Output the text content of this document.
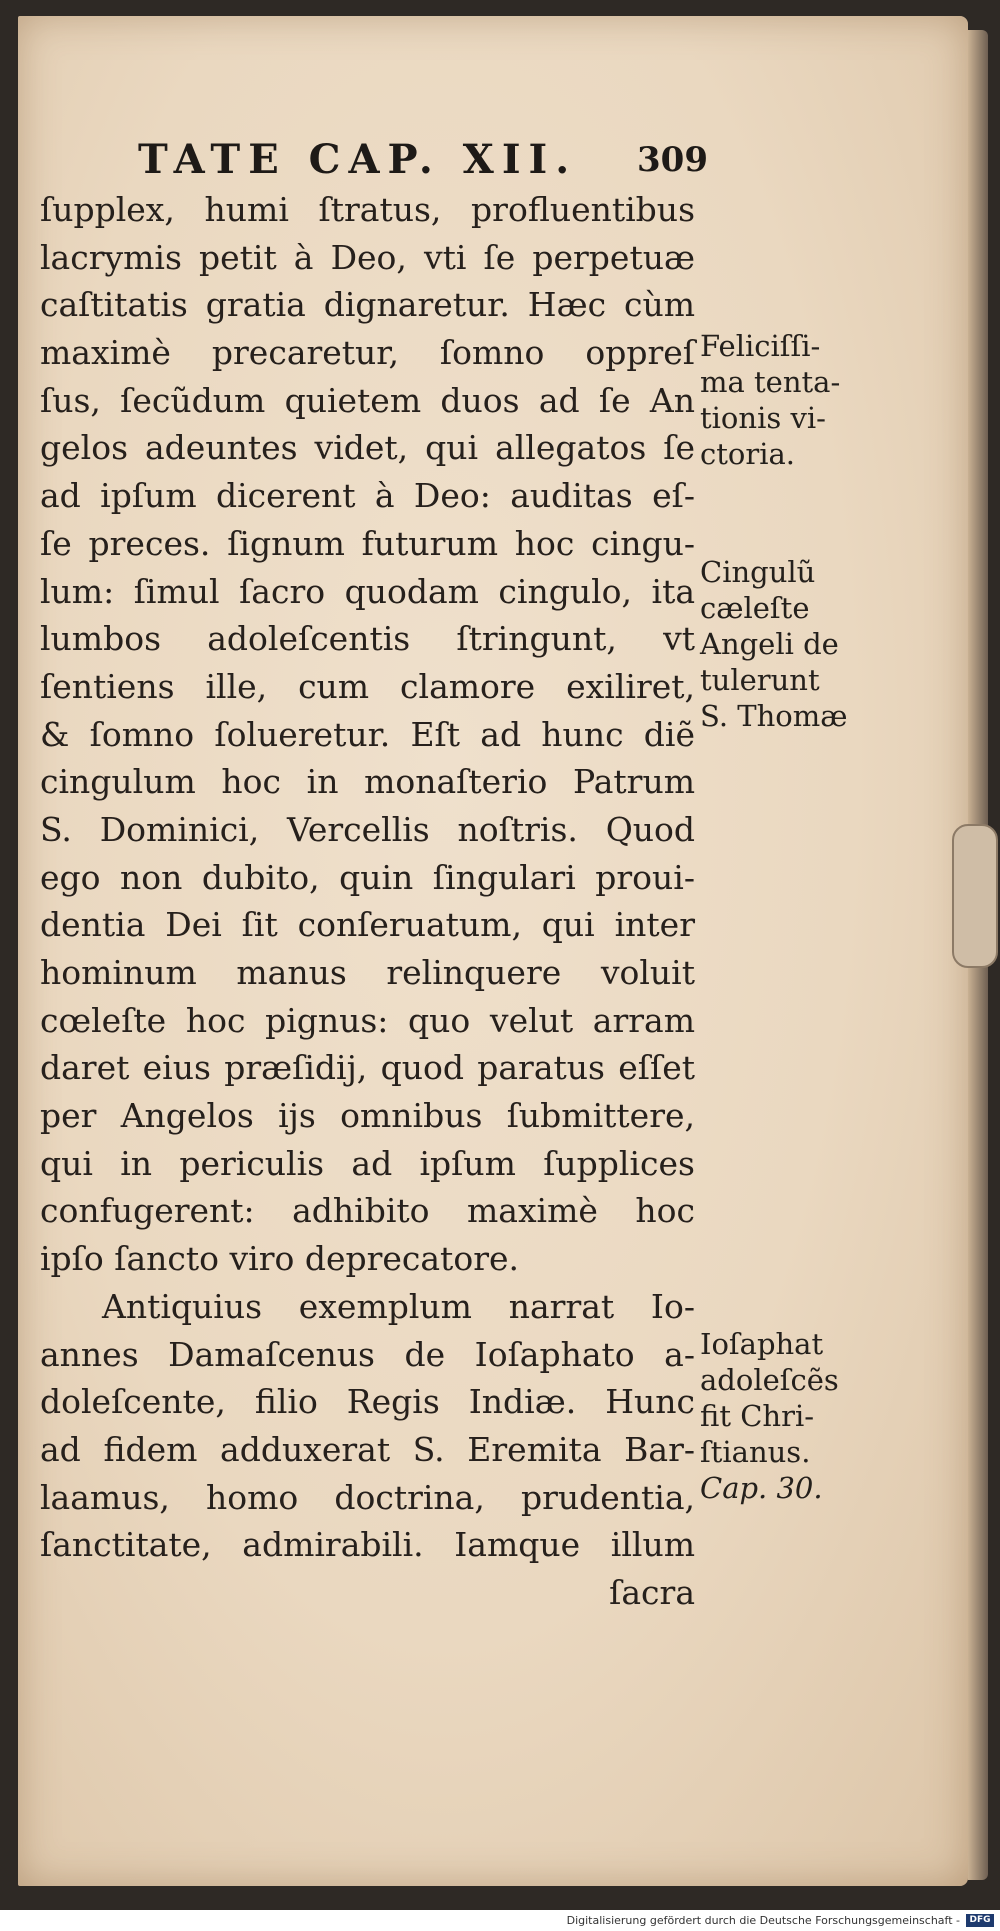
TATE CAP. XII. 309
ſupplex, humi ſtratus, profluentibus
lacrymis petit à Deo, vti ſe perpetuæ
caſtitatis gratia dignaretur. Hæc cùm
maximè precaretur, ſomno oppreſ
ſus, ſecũdum quietem duos ad ſe An
gelos adeuntes videt, qui allegatos ſe
ad ipſum dicerent à Deo: auditas eſ-
ſe preces. ſignum futurum hoc cingu-
lum: ſimul ſacro quodam cingulo, ita
lumbos adoleſcentis ſtringunt, vt
ſentiens ille, cum clamore exiliret,
& ſomno ſolueretur. Eſt ad hunc diẽ
cingulum hoc in monaſterio Patrum
S. Dominici, Vercellis noſtris. Quod
ego non dubito, quin ſingulari proui-
dentia Dei ſit conſeruatum, qui inter
hominum manus relinquere voluit
cœleſte hoc pignus: quo velut arram
daret eius præſidij, quod paratus eſſet
per Angelos ijs omnibus ſubmittere,
qui in periculis ad ipſum ſupplices
confugerent: adhibito maximè hoc
ipſo ſancto viro deprecatore.
Antiquius exemplum narrat Io-
annes Damaſcenus de Ioſaphato a-
doleſcente, filio Regis Indiæ. Hunc
ad fidem adduxerat S. Eremita Bar-
laamus, homo doctrina, prudentia,
ſanctitate, admirabili. Iamque illum
ſacra
Feliciſſi-
ma tenta-
tionis vi-
ctoria.
Cingulũ
cæleſte
Angeli de
tulerunt
S. Thomæ
Ioſaphat
adoleſcẽs
fit Chri-
ſtianus.
Cap. 30.
Digitalisierung gefördert durch die Deutsche Forschungsgemeinschaft -	DFG
